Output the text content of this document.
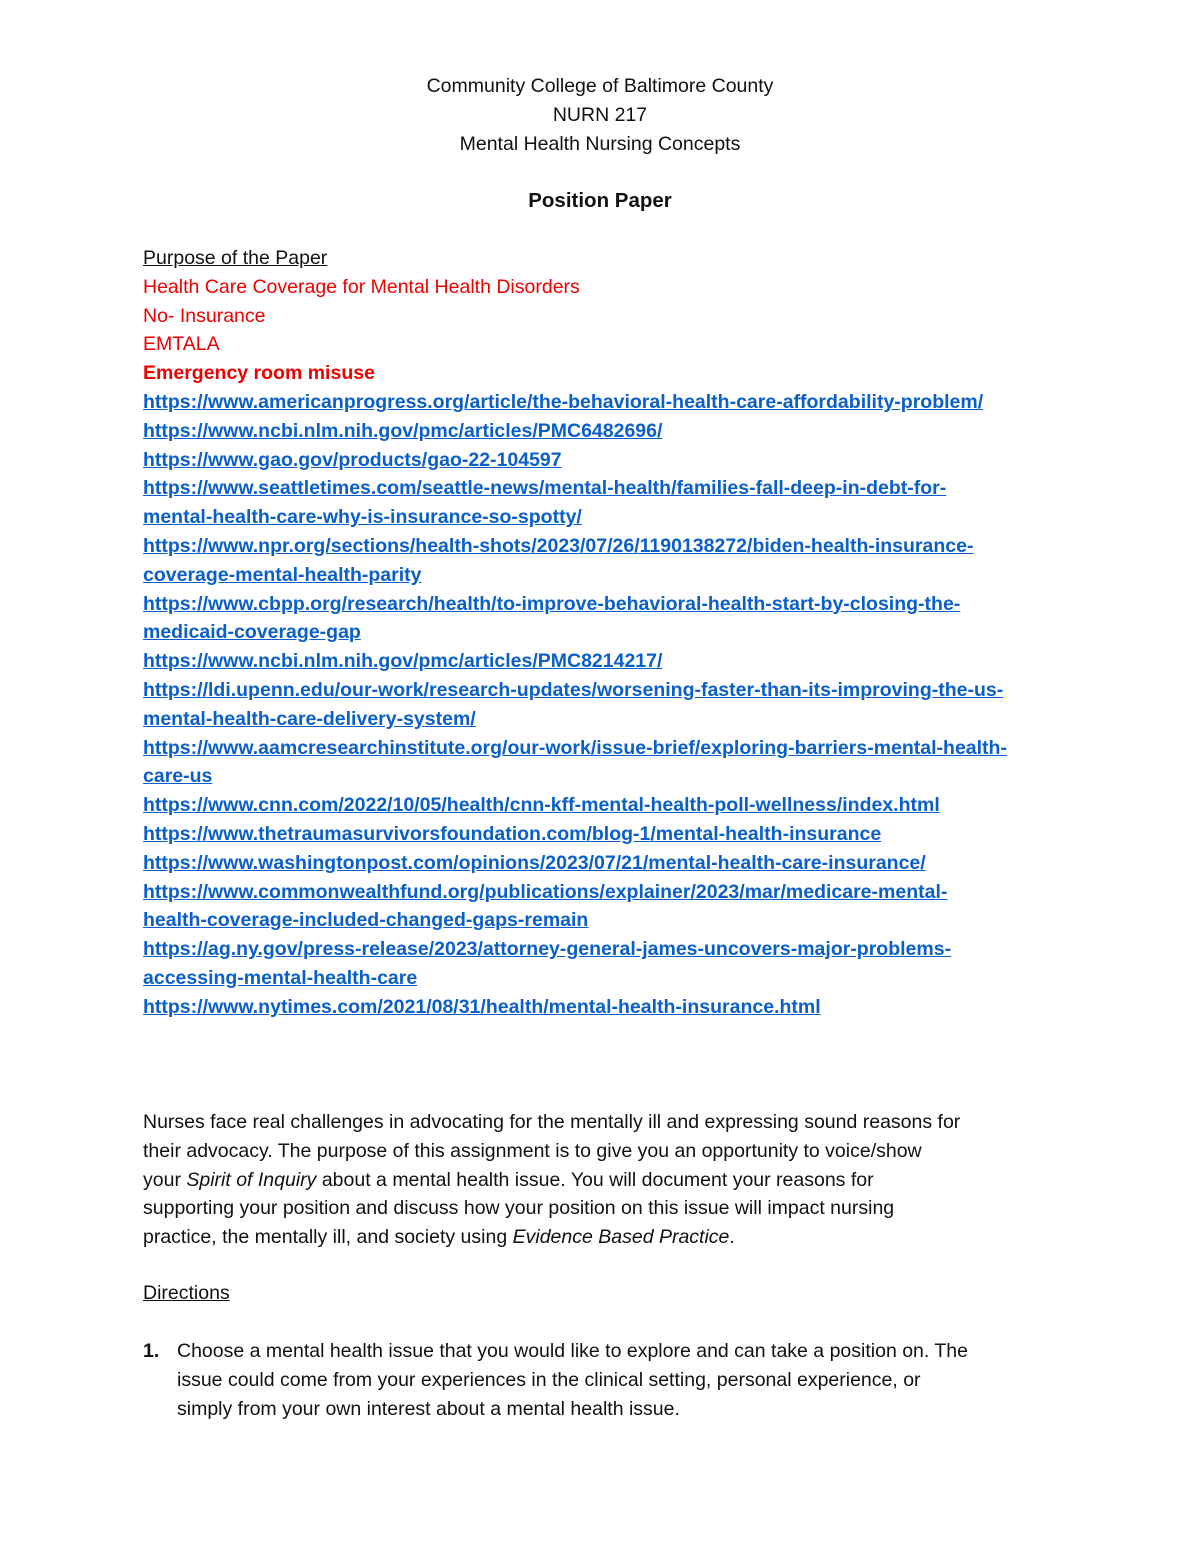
Community College of Baltimore County
NURN 217
Mental Health Nursing Concepts
Position Paper
Purpose of the Paper
Health Care Coverage for Mental Health Disorders
No- Insurance
EMTALA
Emergency room misuse
https://www.americanprogress.org/article/the-behavioral-health-care-affordability-problem/
https://www.ncbi.nlm.nih.gov/pmc/articles/PMC6482696/
https://www.gao.gov/products/gao-22-104597
https://www.seattletimes.com/seattle-news/mental-health/families-fall-deep-in-debt-for-
mental-health-care-why-is-insurance-so-spotty/
https://www.npr.org/sections/health-shots/2023/07/26/1190138272/biden-health-insurance-
coverage-mental-health-parity
https://www.cbpp.org/research/health/to-improve-behavioral-health-start-by-closing-the-
medicaid-coverage-gap
https://www.ncbi.nlm.nih.gov/pmc/articles/PMC8214217/
https://ldi.upenn.edu/our-work/research-updates/worsening-faster-than-its-improving-the-us-
mental-health-care-delivery-system/
https://www.aamcresearchinstitute.org/our-work/issue-brief/exploring-barriers-mental-health-
care-us
https://www.cnn.com/2022/10/05/health/cnn-kff-mental-health-poll-wellness/index.html
https://www.thetraumasurvivorsfoundation.com/blog-1/mental-health-insurance
https://www.washingtonpost.com/opinions/2023/07/21/mental-health-care-insurance/
https://www.commonwealthfund.org/publications/explainer/2023/mar/medicare-mental-
health-coverage-included-changed-gaps-remain
https://ag.ny.gov/press-release/2023/attorney-general-james-uncovers-major-problems-
accessing-mental-health-care
https://www.nytimes.com/2021/08/31/health/mental-health-insurance.html
Nurses face real challenges in advocating for the mentally ill and expressing sound reasons for
their advocacy. The purpose of this assignment is to give you an opportunity to voice/show
your Spirit of Inquiry about a mental health issue. You will document your reasons for
supporting your position and discuss how your position on this issue will impact nursing
practice, the mentally ill, and society using Evidence Based Practice.
Directions
1. Choose a mental health issue that you would like to explore and can take a position on. The
issue could come from your experiences in the clinical setting, personal experience, or
simply from your own interest about a mental health issue.
